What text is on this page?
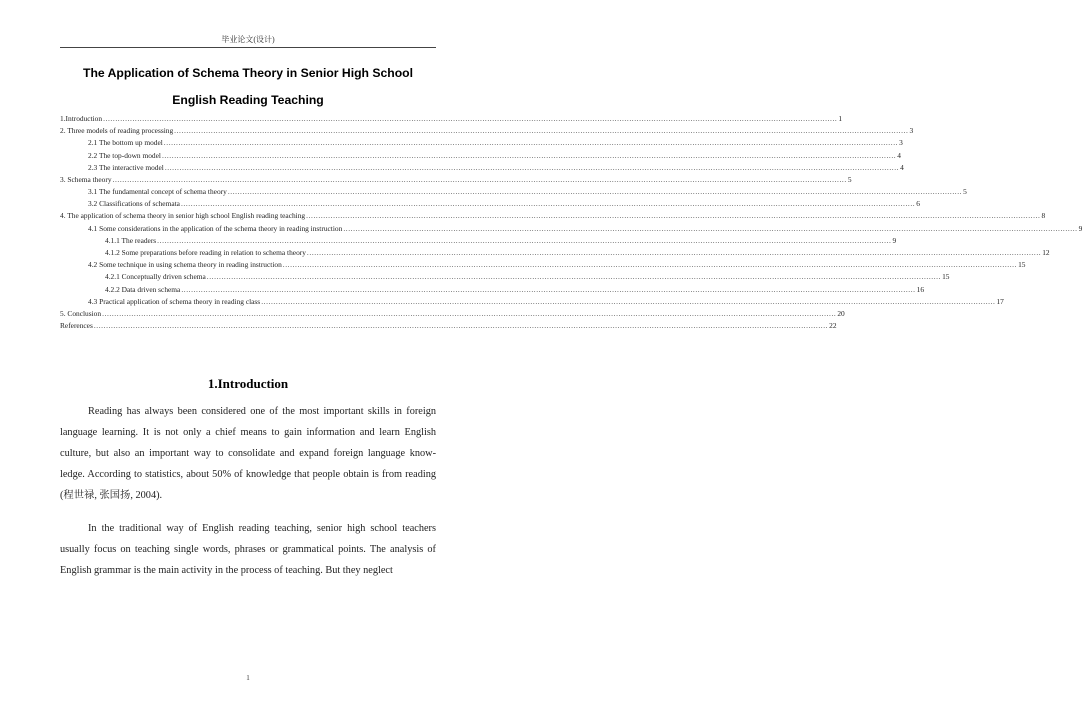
毕业论文(设计)
The Application of Schema Theory in Senior High School
English Reading Teaching
1.Introduction ............................................................................................................................................................................................................................................................................................................ 1
2. Three models of reading processing ............................................................................................................................................................................................................................................................................................................ 3
2.1 The bottom up model ............................................................................................................................................................................................................................................................................................................ 3
2.2 The top-down model ............................................................................................................................................................................................................................................................................................................ 4
2.3 The interactive model ............................................................................................................................................................................................................................................................................................................ 4
3. Schema theory ............................................................................................................................................................................................................................................................................................................ 5
3.1 The fundamental concept of schema theory ............................................................................................................................................................................................................................................................................................................ 5
3.2 Classifications of schemata ............................................................................................................................................................................................................................................................................................................ 6
4. The application of schema theory in senior high school English reading teaching ............................................................................................................................................................................................................................................................................................................ 8
4.1 Some considerations in the application of the schema theory in reading instruction ............................................................................................................................................................................................................................................................................................................ 9
4.1.1 The readers ............................................................................................................................................................................................................................................................................................................ 9
4.1.2 Some preparations before reading in relation to schema theory ............................................................................................................................................................................................................................................................................................................ 12
4.2 Some technique in using schema theory in reading instruction ............................................................................................................................................................................................................................................................................................................ 15
4.2.1 Conceptually driven schema ............................................................................................................................................................................................................................................................................................................ 15
4.2.2 Data driven schema ............................................................................................................................................................................................................................................................................................................ 16
4.3 Practical application of schema theory in reading class ............................................................................................................................................................................................................................................................................................................ 17
5. Conclusion ............................................................................................................................................................................................................................................................................................................ 20
References ............................................................................................................................................................................................................................................................................................................ 22
1.Introduction

Reading has always been considered one of the most important skills in foreign language learning. It is not only a chief means to gain information and learn English culture, but also an important way to consolidate and expand foreign language know-ledge. According to statistics, about 50% of knowledge that people obtain is from reading (程世禄, 张国扬, 2004).

In the traditional way of English reading teaching, senior high school teachers usually focus on teaching single words, phrases or grammatical points. The analysis of English grammar is the main activity in the process of teaching. But they neglect

1
